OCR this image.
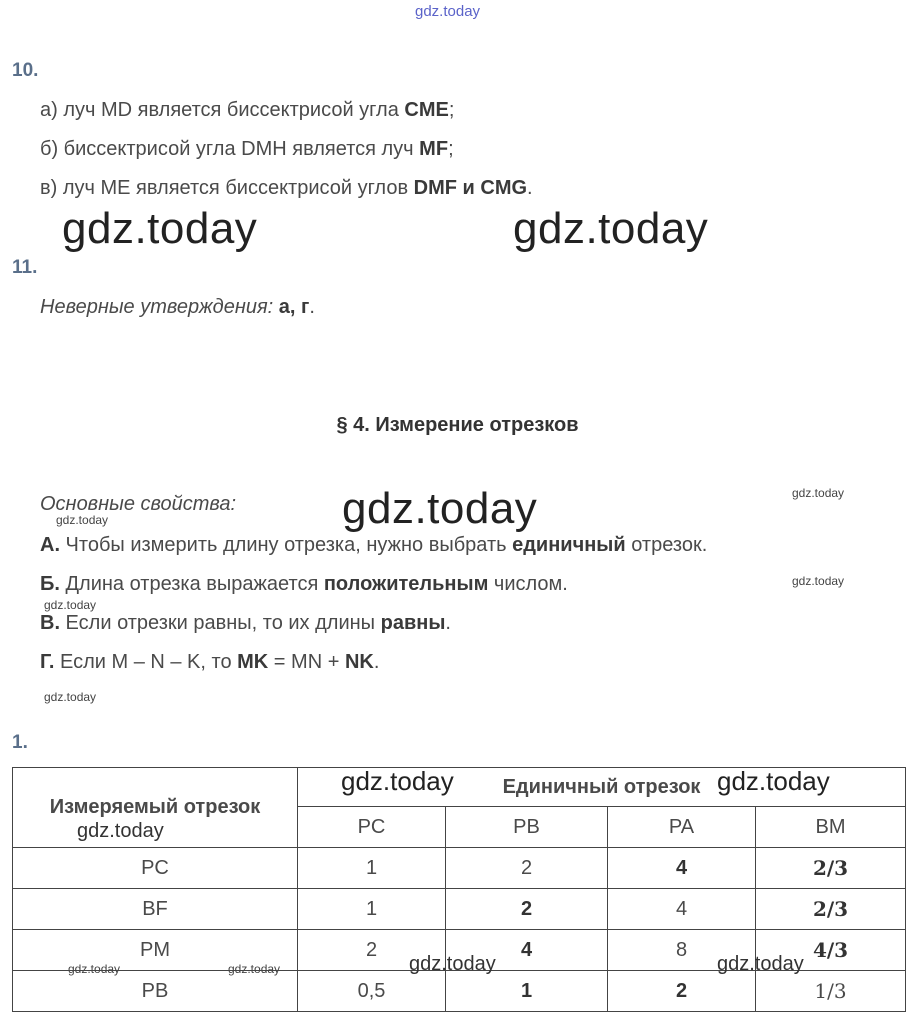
gdz.today
10.
а) луч MD является биссектрисой угла CME;
б) биссектрисой угла DMH является луч MF;
в) луч ME является биссектрисой углов DMF и CMG.
gdz.today	gdz.today
11.
Неверные утверждения: а, г.
§ 4. Измерение отрезков
Основные свойства: gdz.today
gdz.today
gdz.today
А. Чтобы измерить длину отрезка, нужно выбрать единичный отрезок.
Б. Длина отрезка выражается положительным числом.	gdz.today
gdz.today
В. Если отрезки равны, то их длины равны.
Г. Если M – N – K, то MK = MN + NK.
gdz.today
1.
Измеряемый отрезок	Единичный отрезок			
	PC	PB	PA	BM
PC	1	2	4	2/3
BF	1	2	4	2/3
PM	2	4	8	4/3
PB	0,5	1	2	1/3
gdz.today	gdz.today
gdz.today
gdz.today	gdz.today	gdz.today	gdz.today
